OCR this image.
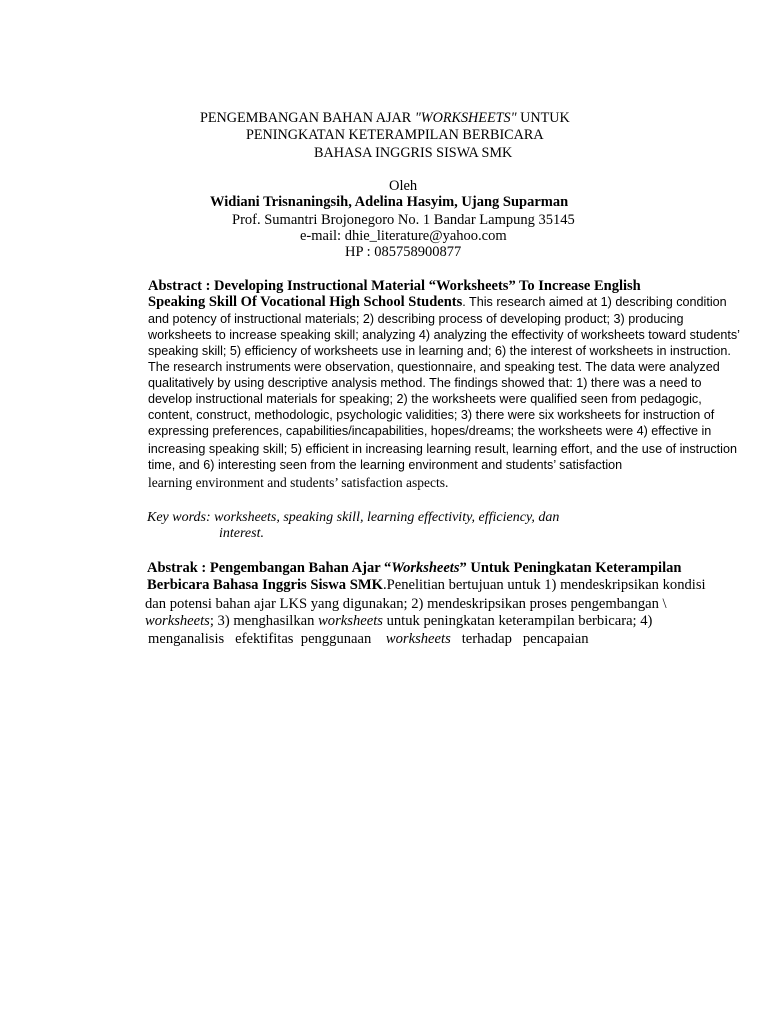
PENGEMBANGAN BAHAN AJAR "WORKSHEETS" UNTUK
PENINGKATAN KETERAMPILAN BERBICARA
BAHASA INGGRIS SISWA SMK
Oleh
Widiani Trisnaningsih, Adelina Hasyim, Ujang Suparman
Prof. Sumantri Brojonegoro No. 1 Bandar Lampung 35145
e-mail: dhie_literature@yahoo.com
HP : 085758900877
Abstract : Developing Instructional Material “Worksheets” To Increase English
Speaking Skill Of Vocational High School Students. This research aimed at 1) describing condition
and potency of instructional materials; 2) describing process of developing product; 3) producing
worksheets to increase speaking skill; analyzing 4) analyzing the effectivity of worksheets toward students’
speaking skill; 5) efficiency of worksheets use in learning and; 6) the interest of worksheets in instruction.
The research instruments were observation, questionnaire, and speaking test. The data were analyzed
qualitatively by using descriptive analysis method. The findings showed that: 1) there was a need to
develop instructional materials for speaking; 2) the worksheets were qualified seen from pedagogic,
content, construct, methodologic, psychologic validities; 3) there were six worksheets for instruction of
expressing preferences, capabilities/incapabilities, hopes/dreams; the worksheets were 4) effective in
increasing speaking skill; 5) efficient in increasing learning result, learning effort, and the use of instruction
time, and 6) interesting seen from the learning environment and students’ satisfaction
learning environment and students’ satisfaction aspects.
Key words: worksheets, speaking skill, learning effectivity, efficiency, dan
interest.
Abstrak : Pengembangan Bahan Ajar “Worksheets” Untuk Peningkatan Keterampilan
Berbicara Bahasa Inggris Siswa SMK.Penelitian bertujuan untuk 1) mendeskripsikan kondisi
dan potensi bahan ajar LKS yang digunakan; 2) mendeskripsikan proses pengembangan \
worksheets; 3) menghasilkan worksheets untuk peningkatan keterampilan berbicara; 4)
menganalisis   efektifitas  penggunaan    worksheets   terhadap   pencapaian
